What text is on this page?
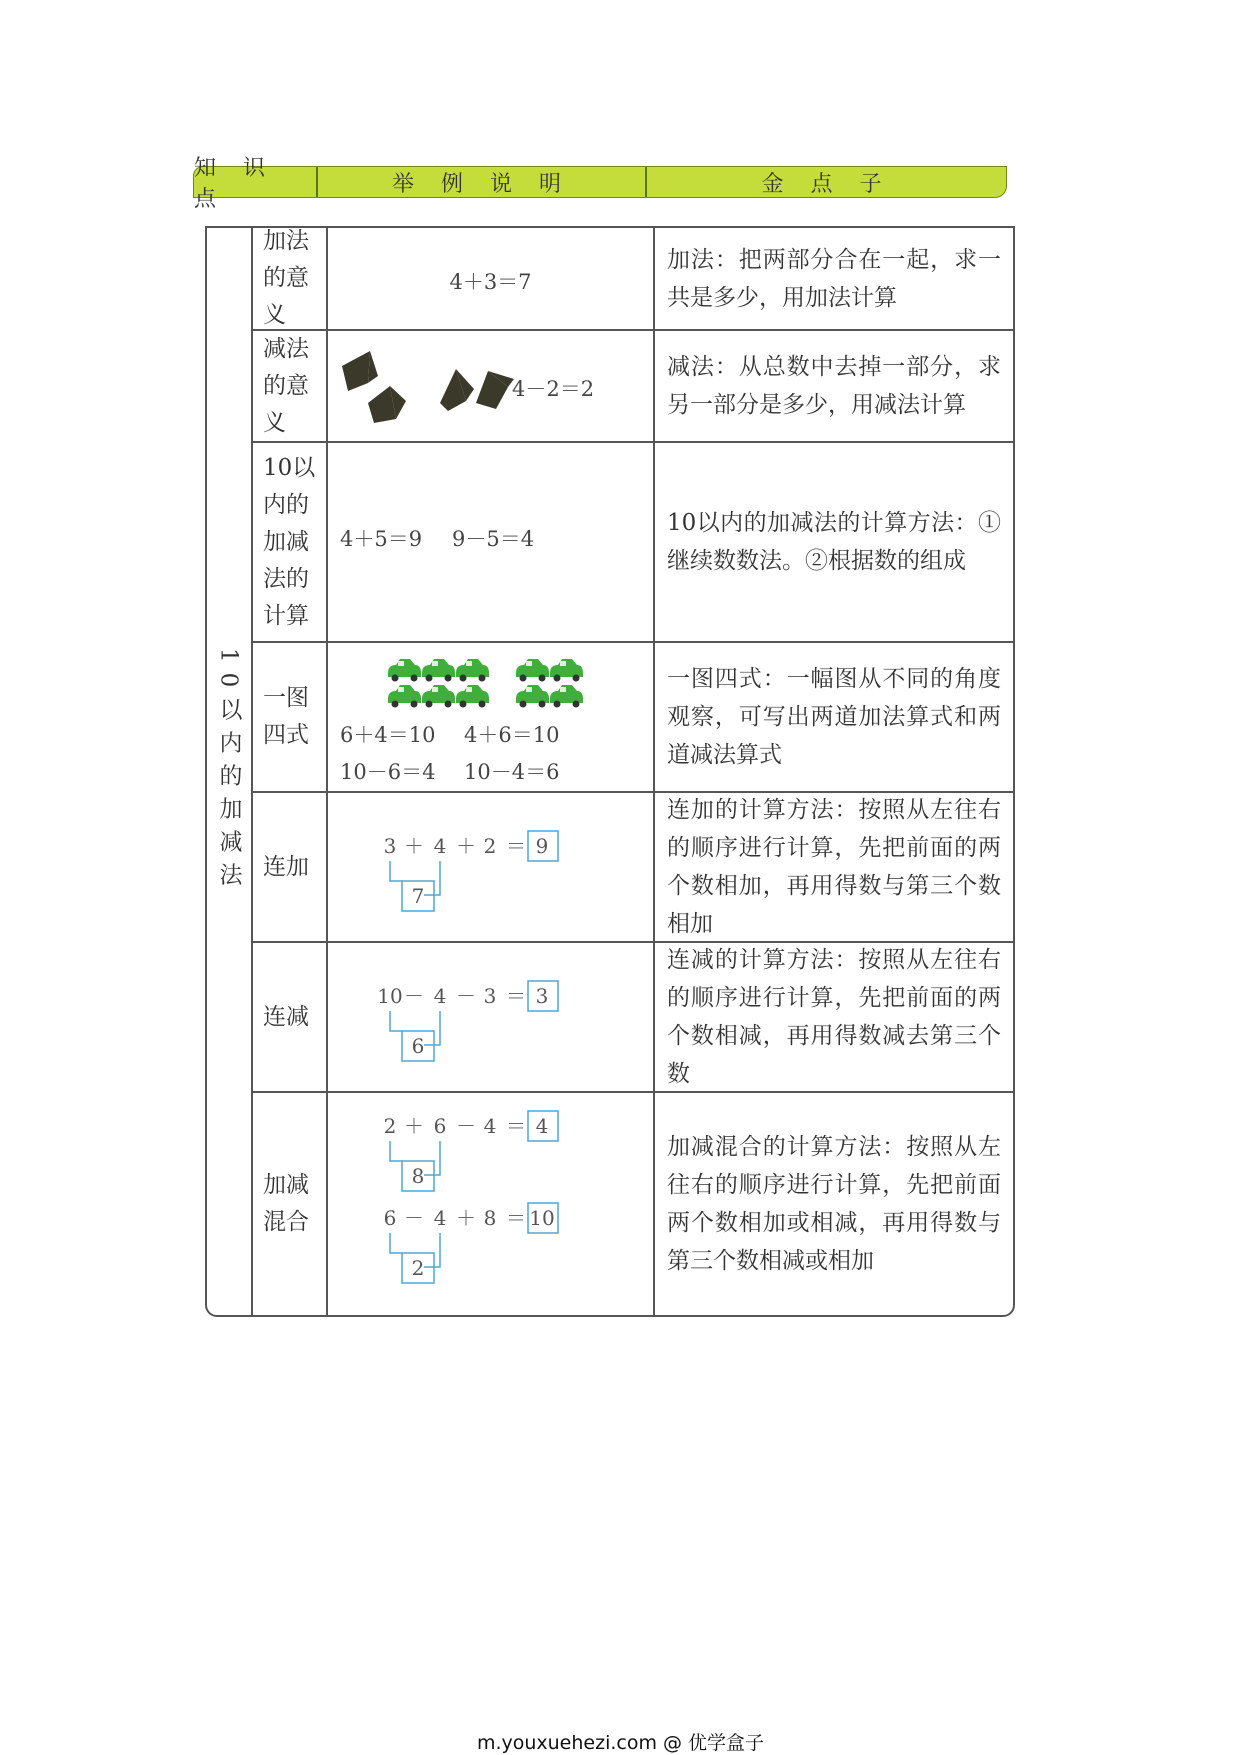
知 识 点
举 例 说 明	金 点 子
10以内的加减法
加法的意义
4＋3＝7
加法：把两部分合在一起，求一共是多少，用加法计算
减法的意义
4－2＝2
减法：从总数中去掉一部分，求另一部分是多少，用减法计算
10以内的加减法的计算
4＋5＝9 9－5＝4
10以内的加减法的计算方法：①继续数数法。②根据数的组成
一图四式	6＋4＝10 4＋6＝10
10－6＝4 10－4＝6
一图四式：一幅图从不同的角度观察，可写出两道加法算式和两道减法算式
连加
3 ＋ 4 ＋ 2 ＝ 9
7
连加的计算方法：按照从左往右的顺序进行计算，先把前面的两个数相加，再用得数与第三个数相加
连减
10 － 4 － 3 ＝ 3
6
连减的计算方法：按照从左往右的顺序进行计算，先把前面的两个数相减，再用得数减去第三个数
加减混合
2 ＋ 6 － 4 ＝ 4
8
6 － 4 ＋ 8 ＝ 10
2
加减混合的计算方法：按照从左往右的顺序进行计算，先把前面两个数相加或相减，再用得数与第三个数相减或相加
m.youxuehezi.com @ 优学盒子
